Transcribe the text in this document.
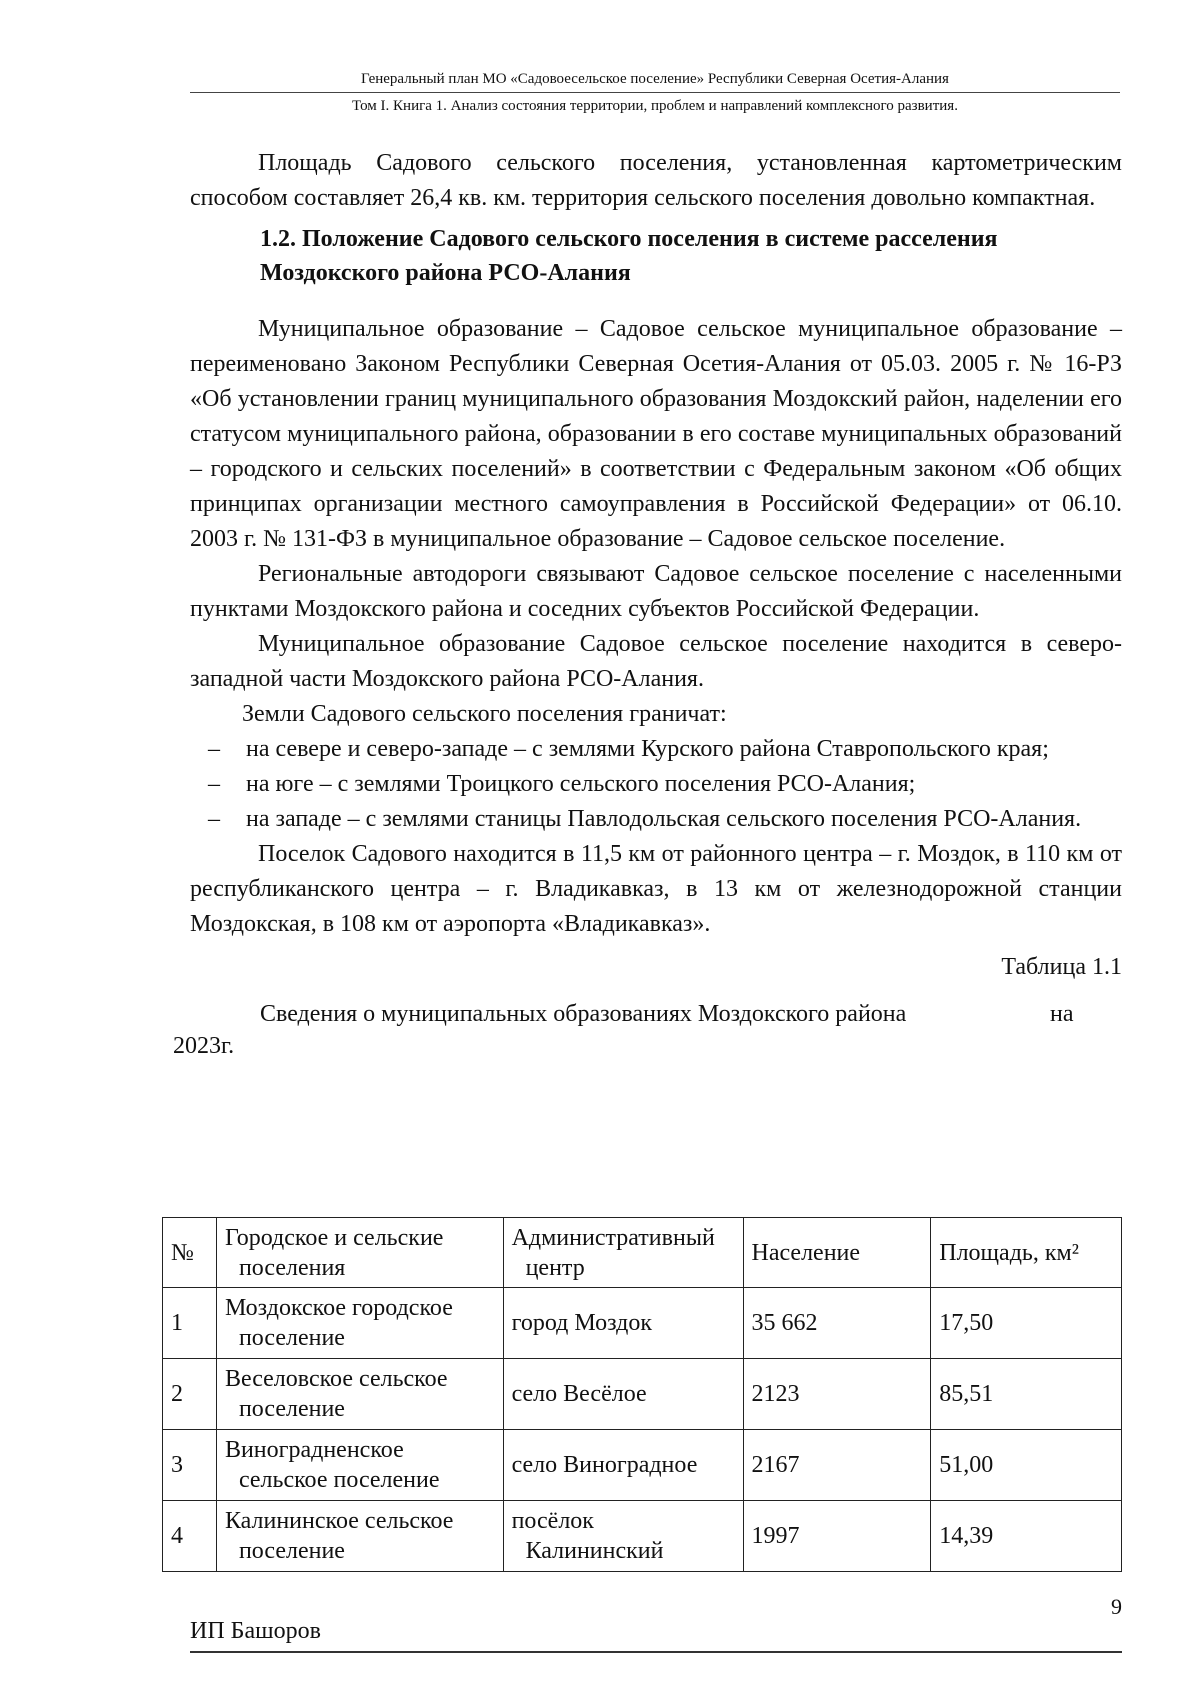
Генеральный план МО «Садовоесельское поселение» Республики Северная Осетия-Алания
Том I. Книга 1. Анализ состояния территории, проблем и направлений комплексного развития.

Площадь Садового сельского поселения, установленная картометрическим способом составляет 26,4 кв. км. территория сельского поселения довольно компактная.

1.2. Положение Садового сельского поселения в системе расселения Моздокского района РСО-Алания

Муниципальное образование – Садовое сельское муниципальное образование – переименовано Законом Республики Северная Осетия-Алания от 05.03. 2005 г. № 16-РЗ «Об установлении границ муниципального образования Моздокский район, наделении его статусом муниципального района, образовании в его составе муниципальных образований – городского и сельских поселений» в соответствии с Федеральным законом «Об общих принципах организации местного самоуправления в Российской Федерации» от 06.10. 2003 г. № 131-ФЗ в муниципальное образование – Садовое сельское поселение.

Региональные автодороги связывают Садовое сельское поселение с населенными пунктами Моздокского района и соседних субъектов Российской Федерации.

Муниципальное образование Садовое сельское поселение находится в северо-западной части Моздокского района РСО-Алания.

Земли Садового сельского поселения граничат:

– на севере и северо-западе – с землями Курского района Ставропольского края;
– на юге – с землями Троицкого сельского поселения РСО-Алания;
– на западе – с землями станицы Павлодольская сельского поселения РСО-Алания.

Поселок Садового находится в 11,5 км от районного центра – г. Моздок, в 110 км от республиканского центра – г. Владикавказ, в 13 км от железнодорожной станции Моздокская, в 108 км от аэропорта «Владикавказ».

Таблица 1.1
Сведения о муниципальных образованиях Моздокского района	на
2023г.
№	Городское и сельские поселения	Административный центр	Население	Площадь, км²
1	Моздокское городское поселение	город Моздок	35 662	17,50
2	Веселовское сельское поселение	село Весёлое	2123	85,51
3	Виноградненское сельское поселение	село Виноградное	2167	51,00
4	Калининское сельское поселение	посёлок Калининский	1997	14,39
9
ИП Башоров
